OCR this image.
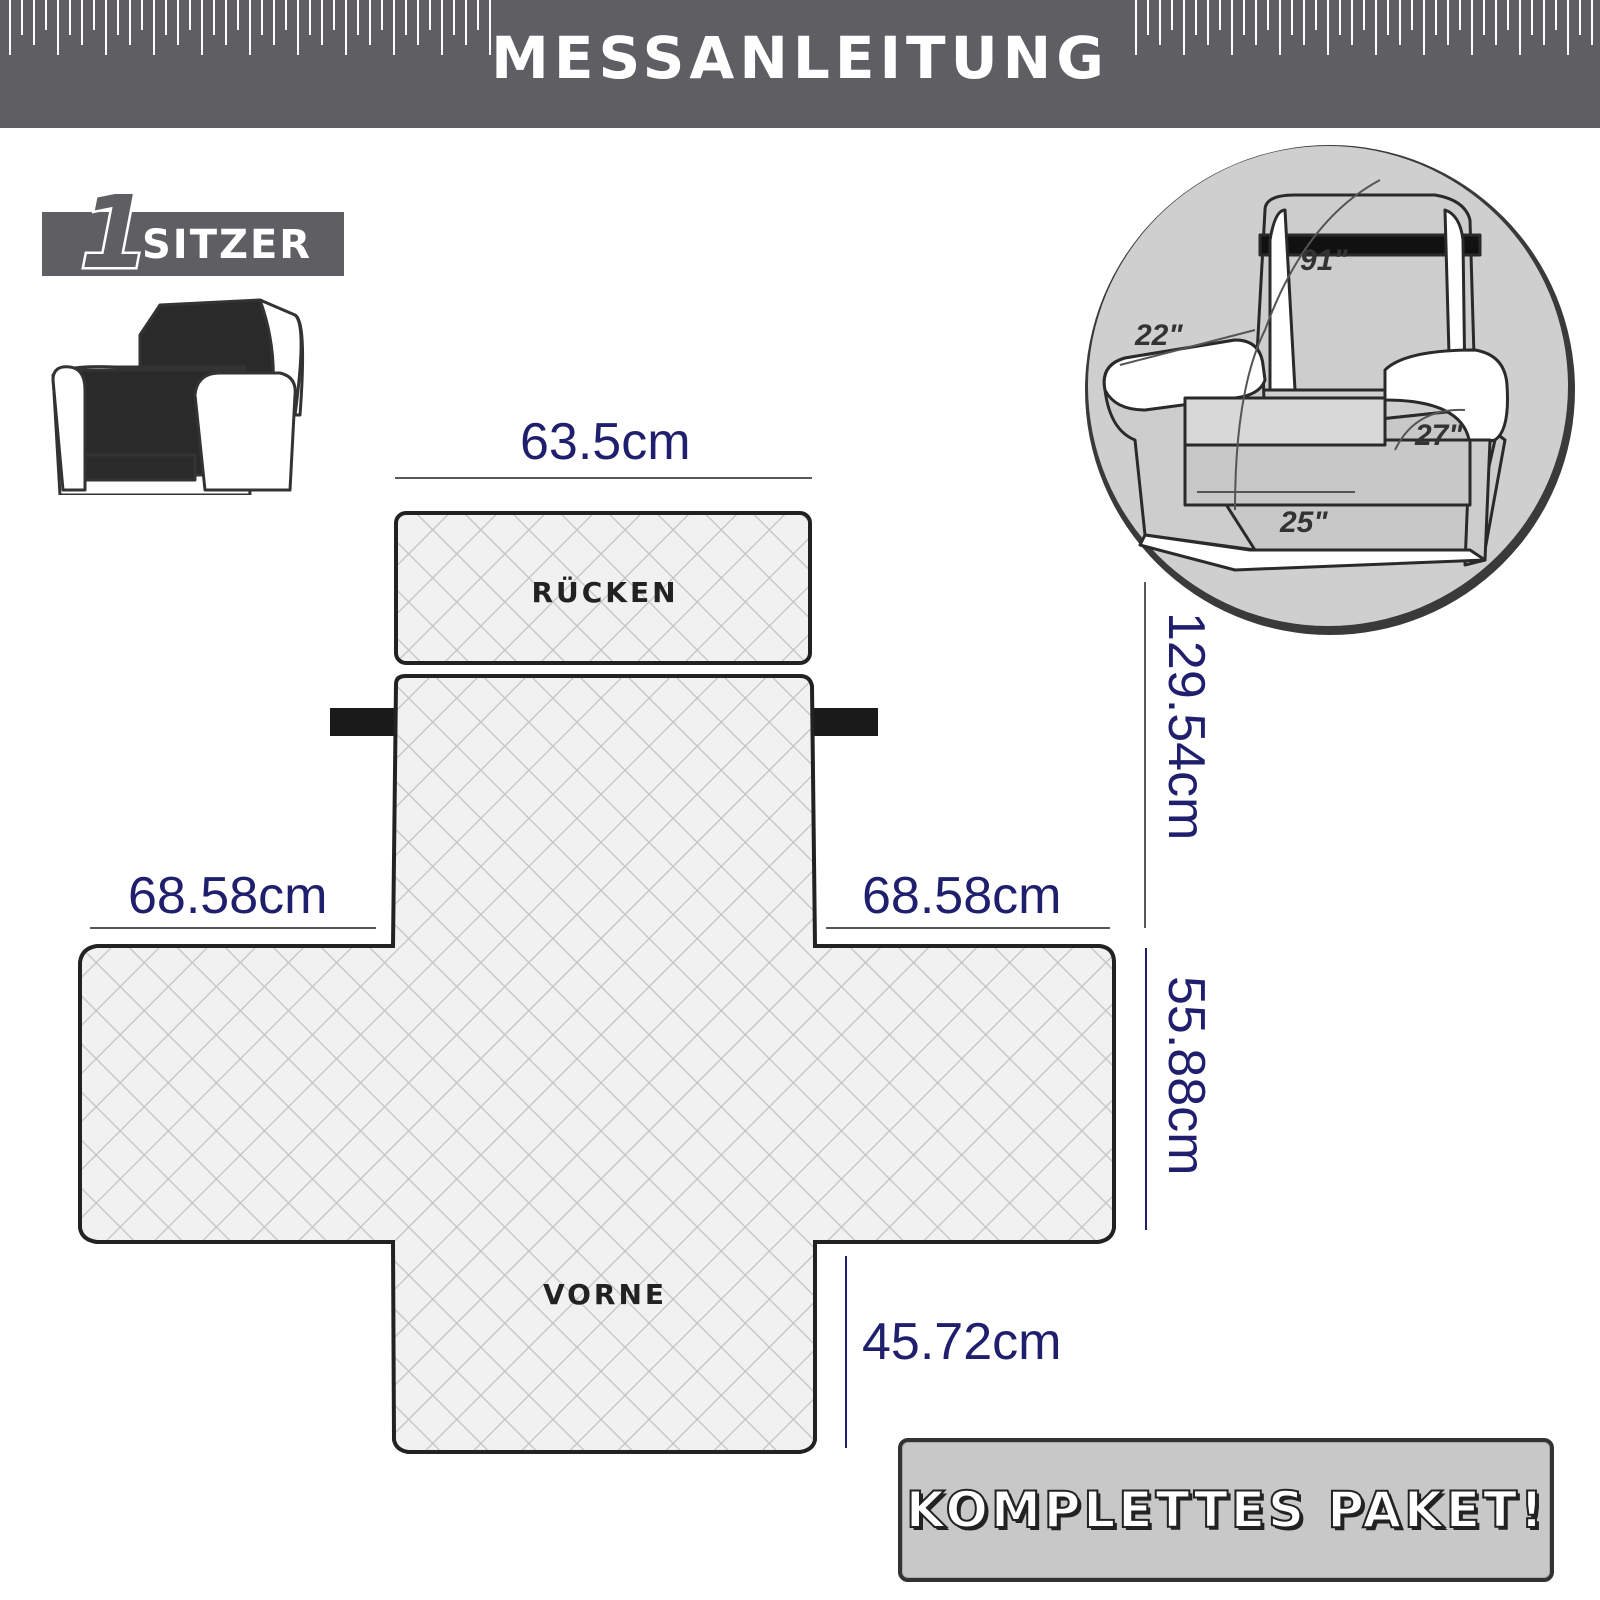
MESSANLEITUNG
1
SITZER	91"
22"
27"
25"
63.5cm
68.58cm	68.58cm
129.54cm
55.88cm
45.72cm
RÜCKEN
VORNE
KOMPLETTES PAKET!
